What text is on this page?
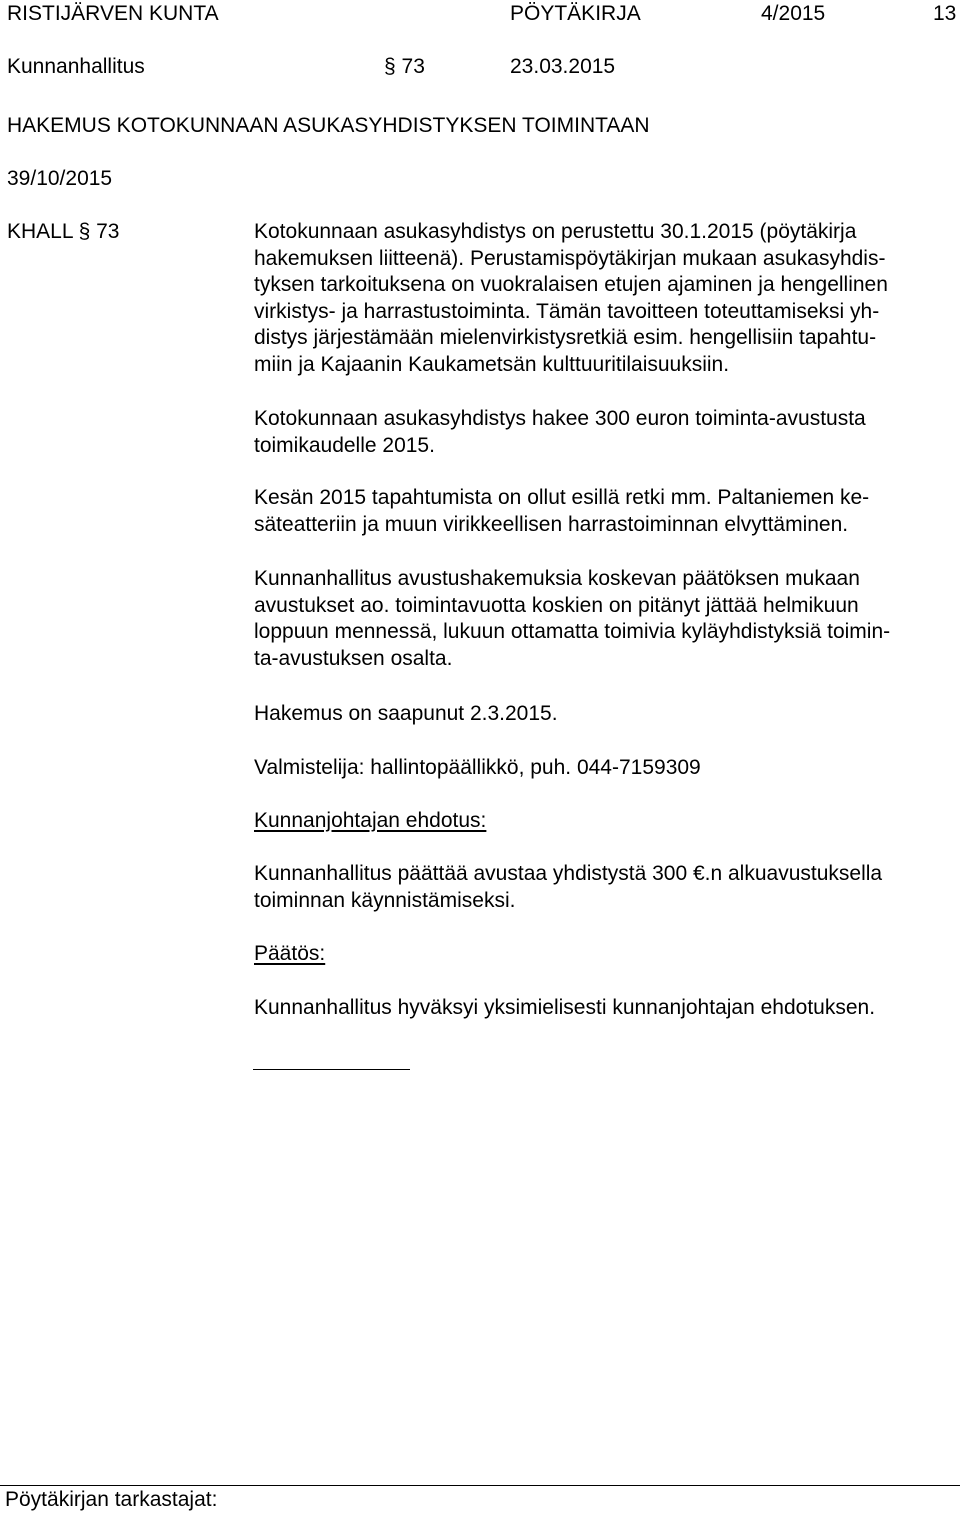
RISTIJÄRVEN KUNTA	PÖYTÄKIRJA	4/2015	13
Kunnanhallitus	§ 73	23.03.2015
HAKEMUS KOTOKUNNAAN ASUKASYHDISTYKSEN TOIMINTAAN
39/10/2015
KHALL § 73	Kotokunnaan asukasyhdistys on perustettu 30.1.2015 (pöytäkirja
hakemuksen liitteenä). Perustamispöytäkirjan mukaan asukasyhdis-
tyksen tarkoituksena on vuokralaisen etujen ajaminen ja hengellinen
virkistys- ja harrastustoiminta. Tämän tavoitteen toteuttamiseksi yh-
distys järjestämään mielenvirkistysretkiä esim. hengellisiin tapahtu-
miin ja Kajaanin Kaukametsän kulttuuritilaisuuksiin.
Kotokunnaan asukasyhdistys hakee 300 euron toiminta-avustusta
toimikaudelle 2015.
Kesän 2015 tapahtumista on ollut esillä retki mm. Paltaniemen ke-
säteatteriin ja muun virikkeellisen harrastoiminnan elvyttäminen.
Kunnanhallitus avustushakemuksia koskevan päätöksen mukaan
avustukset ao. toimintavuotta koskien on pitänyt jättää helmikuun
loppuun mennessä, lukuun ottamatta toimivia kyläyhdistyksiä toimin-
ta-avustuksen osalta.
Hakemus on saapunut 2.3.2015.
Valmistelija: hallintopäällikkö, puh. 044-7159309
Kunnanjohtajan ehdotus:
Kunnanhallitus päättää avustaa yhdistystä 300 €.n alkuavustuksella
toiminnan käynnistämiseksi.
Päätös:
Kunnanhallitus hyväksyi yksimielisesti kunnanjohtajan ehdotuksen.
Pöytäkirjan tarkastajat:
